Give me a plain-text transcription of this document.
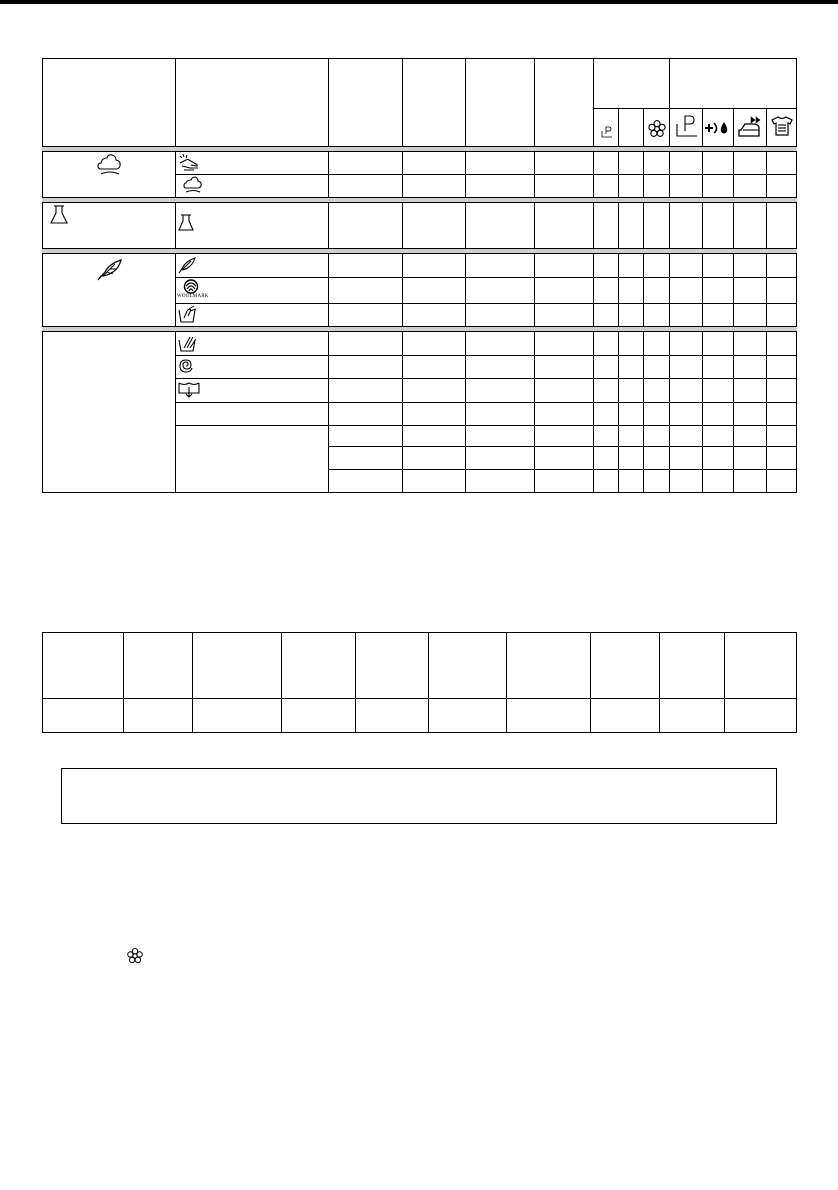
WOOLMARK
